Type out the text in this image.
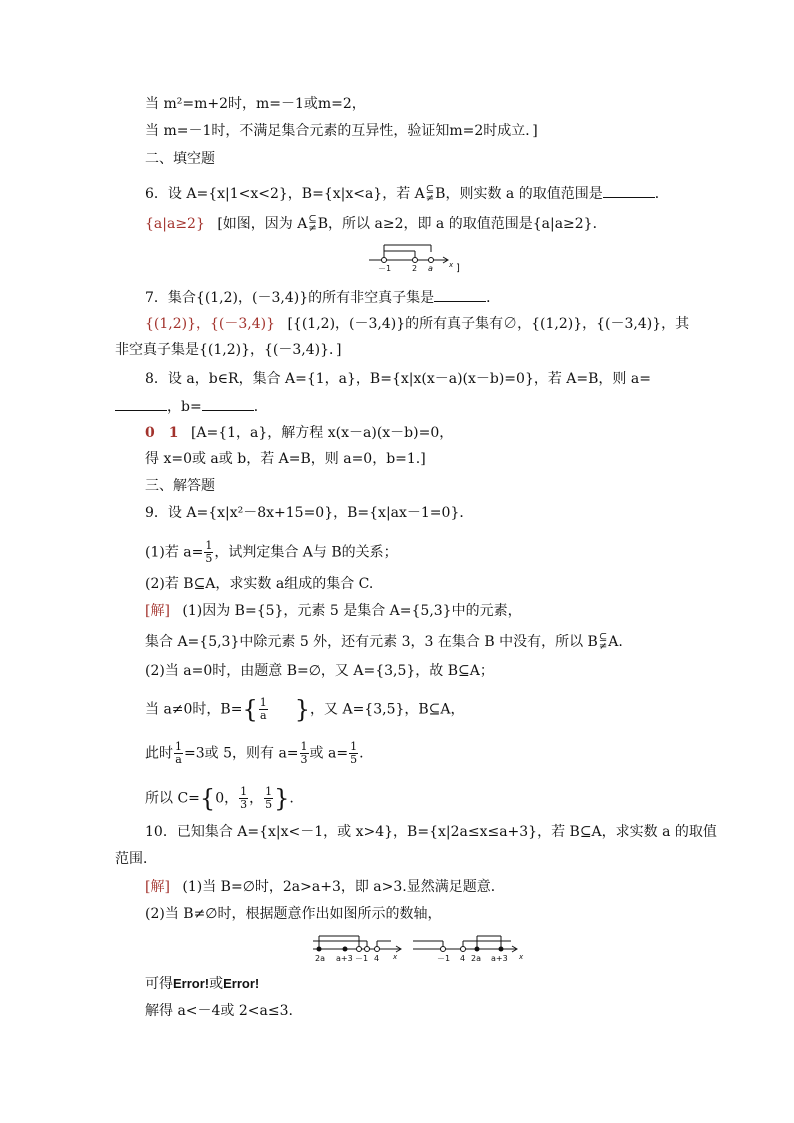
当 m²=m+2时，m=－1或m=2，
当 m=－1时，不满足集合元素的互异性，验证知m=2时成立．]
二、填空题
6．设 A={x|1<x<2}，B={x|x<a}，若 A ⊆
≠ B，则实数 a 的取值范围是	．
{a|a≥2} [如图，因为 A ⊆
≠ B，所以 a≥2，即 a 的取值范围是{a|a≥2}．
－1	2 a x ]
7．集合{(1,2)，(－3,4)}的所有非空真子集是	．
{(1,2)}，{(－3,4)} [{(1,2)，(－3,4)}的所有真子集有∅，{(1,2)}，{(－3,4)}，其
非空真子集是{(1,2)}，{(－3,4)}．]
8．设 a，b∈R，集合 A={1，a}，B={x|x(x－a)(x－b)=0}，若 A=B，则 a=
，b=	．
0　1 [A={1，a}，解方程 x(x－a)(x－b)=0，
得 x=0或 a或 b，若 A=B，则 a=0，b=1.]
三、解答题
9．设 A={x|x²－8x+15=0}，B={x|ax－1=0}．
(1)若 $a= \frac{1}{5}$ ，试判定集合 A与 B的关系；
(2)若 B⊆A，求实数 a组成的集合 C.
[解] (1)因为 B={5}，元素 5 是集合 A={5,3}中的元素，
集合 A={5,3}中除元素 5 外，还有元素 3，3 在集合 B 中没有，所以 B ⊆
≠ A.
(2)当 a=0时，由题意 B=∅，又 A={3,5}，故 B⊆A；
当 a≠0时，$B=\{ \frac{1}{a}$ }，又 A={3,5}，B⊆A，
此时 $\frac{1}{a} =3$或 5，则有 $a= \frac{1}{3}$ 或 $a= \frac{1}{5}$ .
所以 C={0， $\frac{1}{3}$ ， $\frac{1}{5}$ }.
10．已知集合 A={x|x<－1，或 x>4}，B={x|2a≤x≤a+3}，若 B⊆A，求实数 a 的取值
范围．
[解] (1)当 B=∅时，2a>a+3，即 a>3.显然满足题意．
(2)当 B≠∅时，根据题意作出如图所示的数轴，
2a a+3 －1 4 x	－1 4 2a a+3 x
可得Error!或Error!
解得 a<－4或 2<a≤3.
